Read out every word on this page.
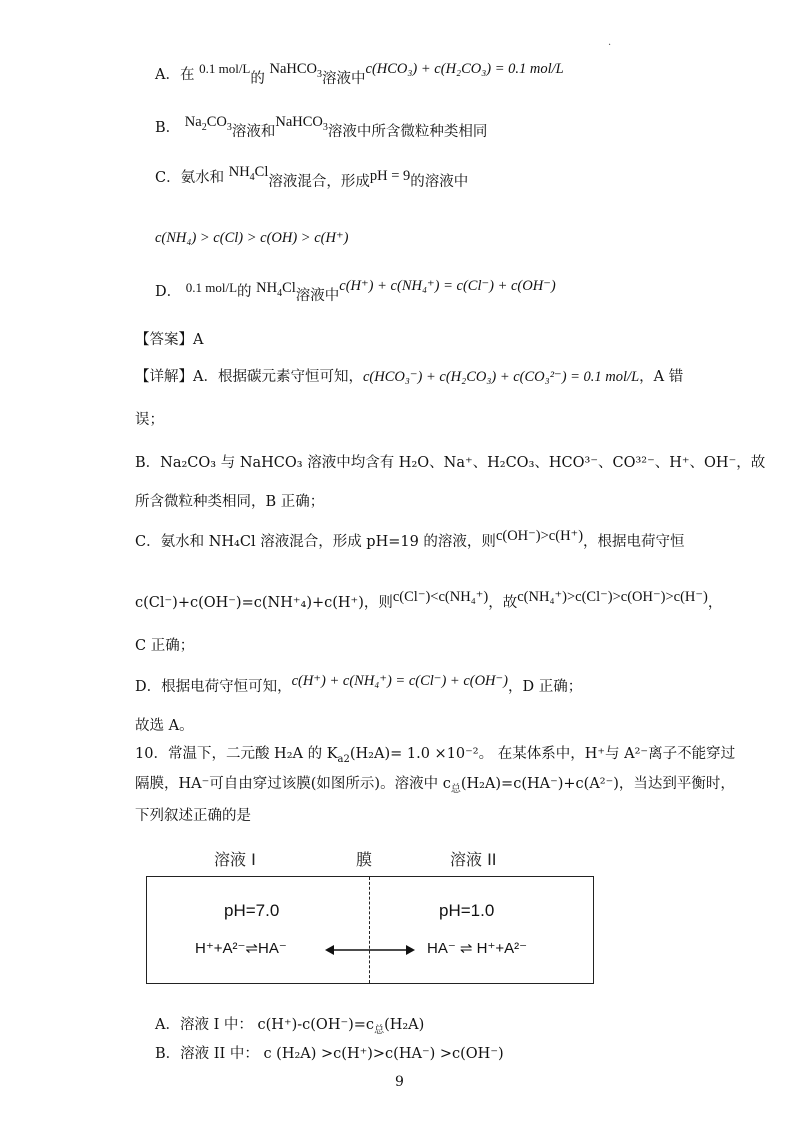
·
A．在 0.1 mol/L的 NaHCO$_3$溶液中c(HCO₃) + c(H₂CO₃) = 0.1 mol/L
B． $Na_2CO_3$溶液和NaHCO$_3$溶液中所含微粒种类相同
C．氨水和 $NH_4Cl$溶液混合，形成pH = 9的溶液中
c(NH₄) > c(Cl) > c(OH) > c(H⁺)
D． 0.1 mol/L的 $NH_4Cl$溶液中c(H⁺) + c(NH₄⁺) = c(Cl⁻) + c(OH⁻)
【答案】A
【详解】A．根据碳元素守恒可知，c(HCO₃⁻) + c(H₂CO₃) + c(CO₃²⁻) = 0.1 mol/L，A 错
误；
B．Na₂CO₃ 与 NaHCO₃ 溶液中均含有 H₂O、Na⁺、H₂CO₃、HCO³⁻、CO³²⁻、H⁺、OH⁻，故
所含微粒种类相同，B 正确；
C．氨水和 NH₄Cl 溶液混合，形成 pH=19 的溶液，则c(OH⁻)>c(H⁺)，根据电荷守恒
c(Cl⁻)+c(OH⁻)=c(NH⁺₄)+c(H⁺)，则c(Cl⁻)<c(NH₄⁺)，故c(NH₄⁺)>c(Cl⁻)>c(OH⁻)>c(H⁻)，
C 正确；
D．根据电荷守恒可知，c(H⁺) + c(NH₄⁺) = c(Cl⁻) + c(OH⁻)，D 正确；
故选 A。
10．常温下，二元酸 H₂A 的 $K_{a2}(H_2A)= 1.0 \times 10^{-2}$。 在某体系中，H⁺与 A²⁻离子不能穿过
隔膜，HA⁻可自由穿过该膜(如图所示)。溶液中 $c_总(H_2A)=c(HA^-)+c(A^{2-})$，当达到平衡时，
下列叙述正确的是
溶液 I	膜	溶液 II
pH=7.0	pH=1.0
H⁺+A²⁻⇌HA⁻	HA⁻ ⇌ H⁺+A²⁻
A．溶液 I 中： $c(H^+)-c(OH^-)=c_总(H_2A)$
B．溶液 II 中： c (H₂A) >c(H⁺)>c(HA⁻) >c(OH⁻)
9
